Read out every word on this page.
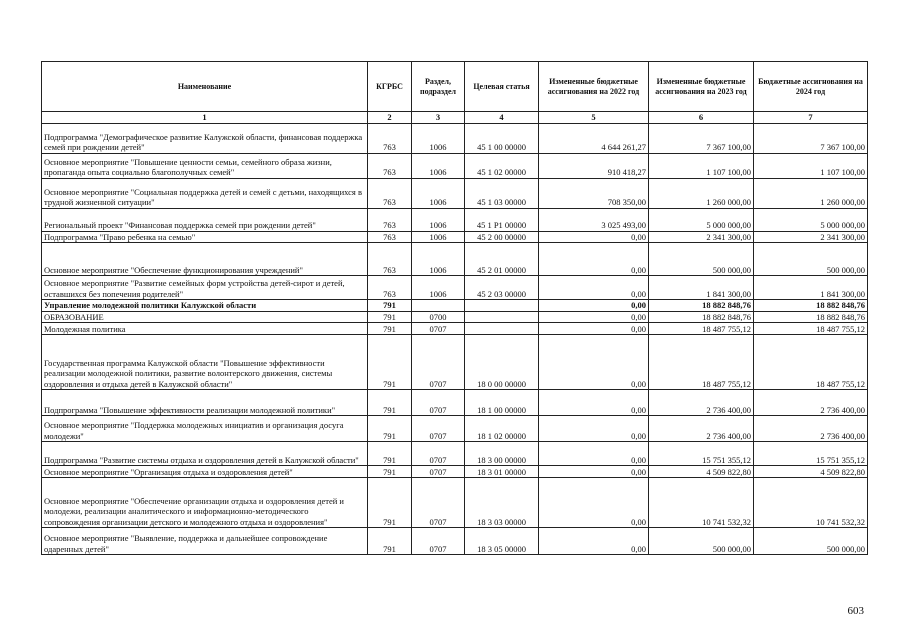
Наименование	КГРБС	Раздел, подраздел	Целевая статья	Измененные бюджетные ассигнования на 2022 год	Измененные бюджетные ассигнования на 2023 год	Бюджетные ассигнования на 2024 год
1	2	3	4	5	6	7
Подпрограмма "Демографическое развитие Калужской области, финансовая поддержка семей при рождении детей"	763	1006	45 1 00 00000	4 644 261,27	7 367 100,00	7 367 100,00
Основное мероприятие "Повышение ценности семьи, семейного образа жизни, пропаганда опыта социально благополучных семей"	763	1006	45 1 02 00000	910 418,27	1 107 100,00	1 107 100,00
Основное мероприятие "Социальная поддержка детей и семей с детьми, находящихся в трудной жизненной ситуации"	763	1006	45 1 03 00000	708 350,00	1 260 000,00	1 260 000,00
Региональный проект "Финансовая поддержка семей при рождении детей"	763	1006	45 1 P1 00000	3 025 493,00	5 000 000,00	5 000 000,00
Подпрограмма "Право ребенка на семью"	763	1006	45 2 00 00000	0,00	2 341 300,00	2 341 300,00
Основное мероприятие "Обеспечение функционирования учреждений"	763	1006	45 2 01 00000	0,00	500 000,00	500 000,00
Основное мероприятие "Развитие семейных форм устройства детей-сирот и детей, оставшихся без попечения родителей"	763	1006	45 2 03 00000	0,00	1 841 300,00	1 841 300,00
Управление молодежной политики Калужской области	791			0,00	18 882 848,76	18 882 848,76
ОБРАЗОВАНИЕ	791	0700		0,00	18 882 848,76	18 882 848,76
Молодежная политика	791	0707		0,00	18 487 755,12	18 487 755,12
Государственная программа Калужской области "Повышение эффективности реализации молодежной политики, развитие волонтерского движения, системы оздоровления и отдыха детей в Калужской области"	791	0707	18 0 00 00000	0,00	18 487 755,12	18 487 755,12
Подпрограмма "Повышение эффективности реализации молодежной политики"	791	0707	18 1 00 00000	0,00	2 736 400,00	2 736 400,00
Основное мероприятие "Поддержка молодежных инициатив и организация досуга молодежи"	791	0707	18 1 02 00000	0,00	2 736 400,00	2 736 400,00
Подпрограмма "Развитие системы отдыха и оздоровления детей в Калужской области"	791	0707	18 3 00 00000	0,00	15 751 355,12	15 751 355,12
Основное мероприятие "Организация отдыха и оздоровления детей"	791	0707	18 3 01 00000	0,00	4 509 822,80	4 509 822,80
Основное мероприятие "Обеспечение организации отдыха и оздоровления детей и молодежи, реализации аналитического и информационно-методического сопровождения организации детского и молодежного отдыха и оздоровления"	791	0707	18 3 03 00000	0,00	10 741 532,32	10 741 532,32
Основное мероприятие "Выявление, поддержка и дальнейшее сопровождение одаренных детей"	791	0707	18 3 05 00000	0,00	500 000,00	500 000,00
603
